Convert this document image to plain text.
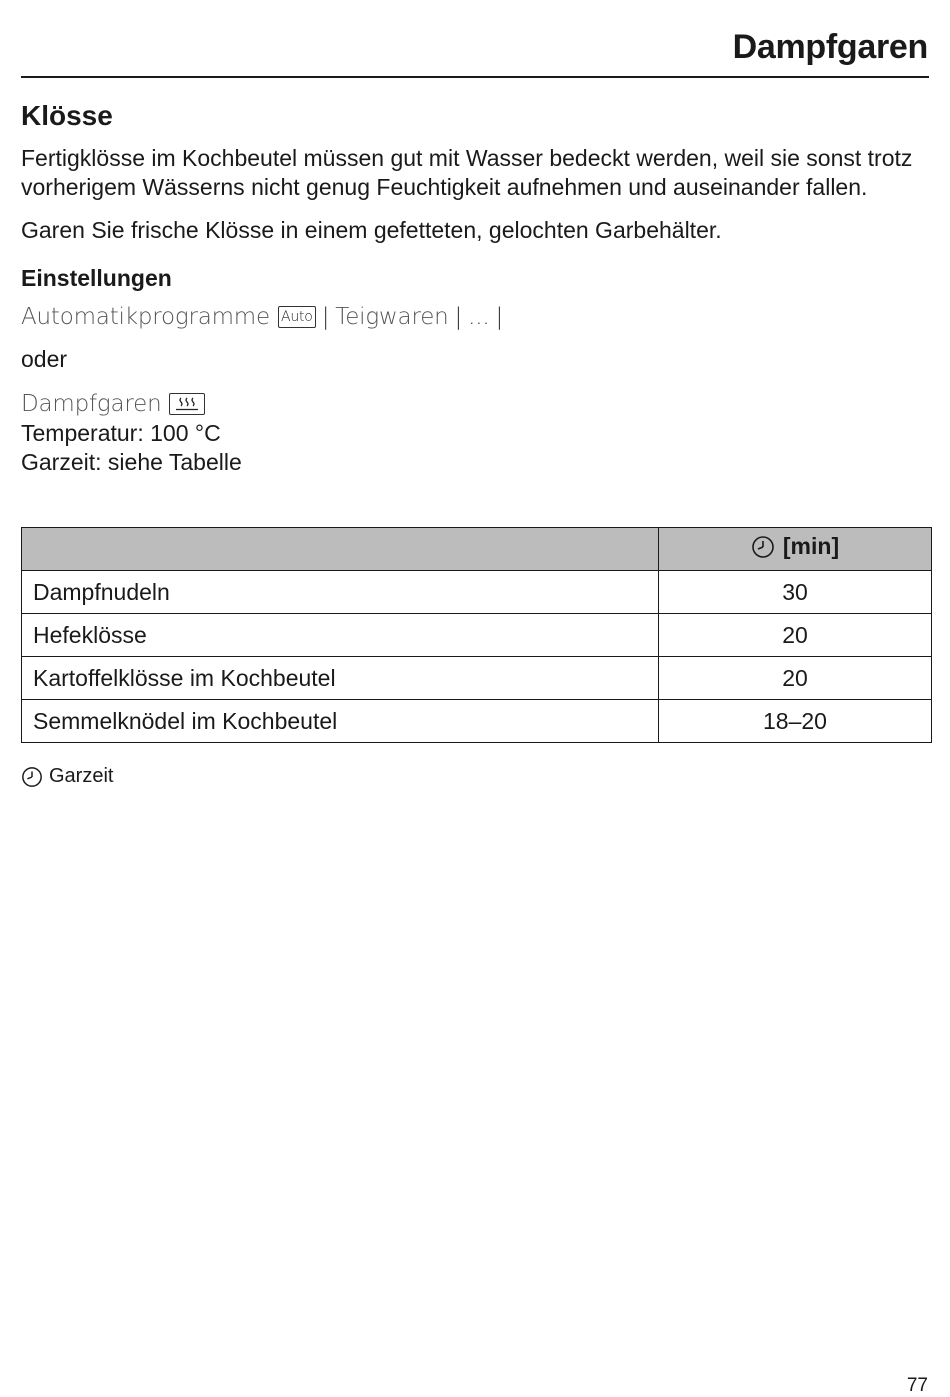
Dampfgaren
Klösse

Fertigklösse im Kochbeutel müssen gut mit Wasser bedeckt werden, weil sie sonst trotz vorherigem Wässerns nicht genug Feuchtigkeit aufnehmen und auseinander fallen.

Garen Sie frische Klösse in einem gefetteten, gelochten Garbehälter.

Einstellungen
Automatikprogramme Auto | Teigwaren | ... |
oder
Dampfgaren
Temperatur: 100 °C
Garzeit: siehe Tabelle

	[min]

Dampfnudeln	30
Hefeklösse	20
Kartoffelklösse im Kochbeutel	20
Semmelknödel im Kochbeutel	18–20
Garzeit
77
